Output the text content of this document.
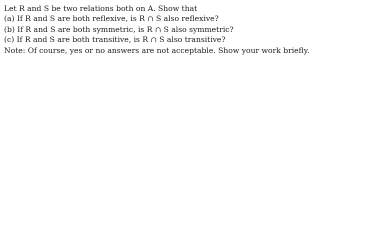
Let R and S be two relations both on A. Show that
(a) If R and S are both reflexive, is R ∩ S also reflexive?
(b) If R and S are both symmetric, is R ∩ S also symmetric?
(c) If R and S are both transitive, is R ∩ S also transitive?
Note: Of course, yes or no answers are not acceptable. Show your work briefly.
